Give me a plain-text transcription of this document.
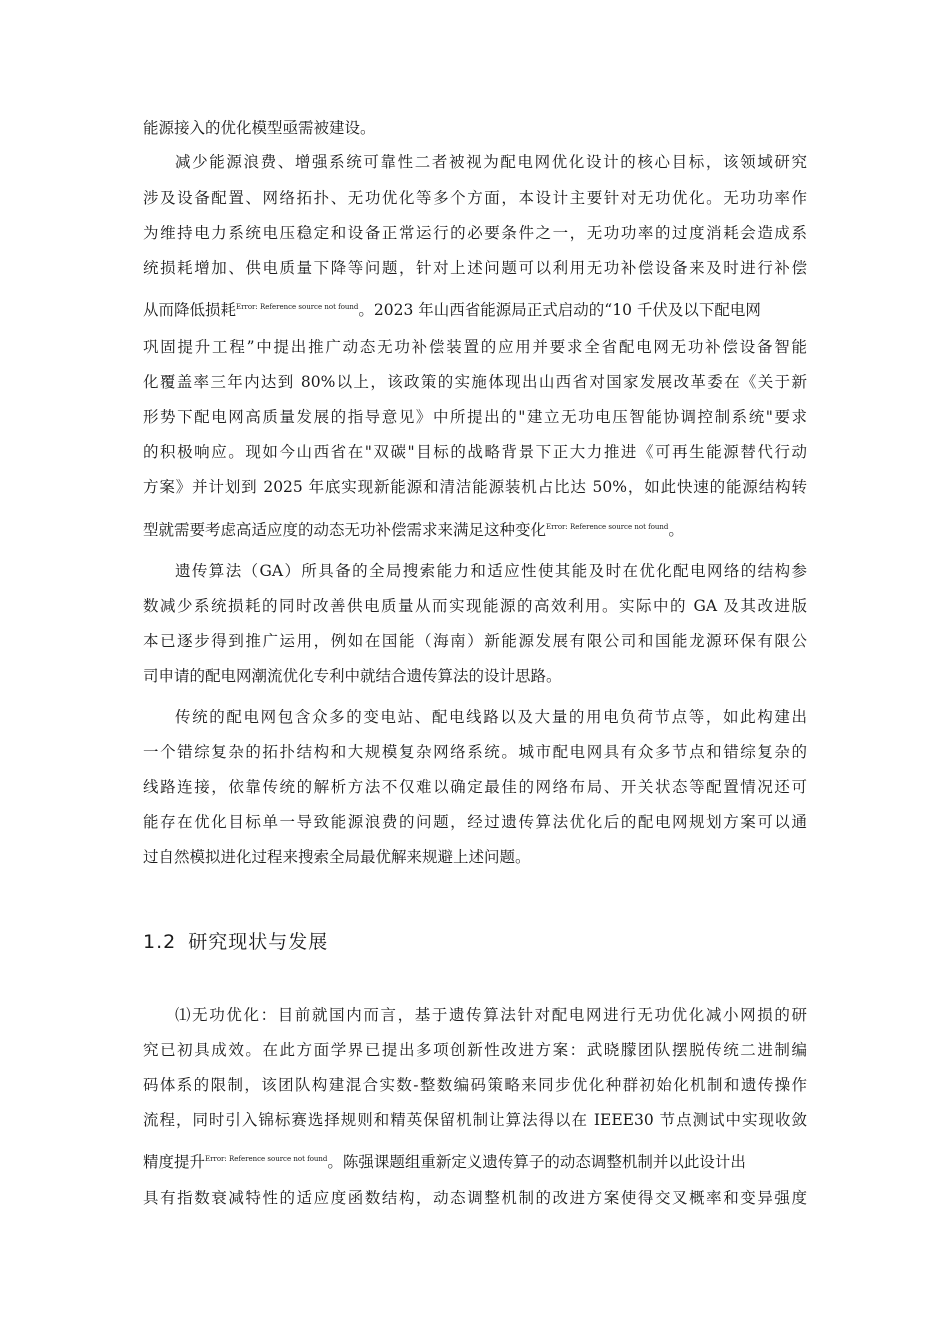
能源接入的优化模型亟需被建设。
减少能源浪费、增强系统可靠性二者被视为配电网优化设计的核心目标，该领域研究
涉及设备配置、网络拓扑、无功优化等多个方面，本设计主要针对无功优化。无功功率作
为维持电力系统电压稳定和设备正常运行的必要条件之一，无功功率的过度消耗会造成系
统损耗增加、供电质量下降等问题，针对上述问题可以利用无功补偿设备来及时进行补偿
从而降低损耗$^{Error: Reference source not found}$。2023 年山西省能源局正式启动的“10 千伏及以下配电网
巩固提升工程”中提出推广动态无功补偿装置的应用并要求全省配电网无功补偿设备智能
化覆盖率三年内达到 80%以上，该政策的实施体现出山西省对国家发展改革委在《关于新
形势下配电网高质量发展的指导意见》中所提出的"建立无功电压智能协调控制系统"要求
的积极响应。现如今山西省在"双碳"目标的战略背景下正大力推进《可再生能源替代行动
方案》并计划到 2025 年底实现新能源和清洁能源装机占比达 50%，如此快速的能源结构转
型就需要考虑高适应度的动态无功补偿需求来满足这种变化$^{Error: Reference source not found}$。
遗传算法（GA）所具备的全局搜索能力和适应性使其能及时在优化配电网络的结构参
数减少系统损耗的同时改善供电质量从而实现能源的高效利用。实际中的 GA 及其改进版
本已逐步得到推广运用，例如在国能（海南）新能源发展有限公司和国能龙源环保有限公
司申请的配电网潮流优化专利中就结合遗传算法的设计思路。
传统的配电网包含众多的变电站、配电线路以及大量的用电负荷节点等，如此构建出
一个错综复杂的拓扑结构和大规模复杂网络系统。城市配电网具有众多节点和错综复杂的
线路连接，依靠传统的解析方法不仅难以确定最佳的网络布局、开关状态等配置情况还可
能存在优化目标单一导致能源浪费的问题，经过遗传算法优化后的配电网规划方案可以通
过自然模拟进化过程来搜索全局最优解来规避上述问题。
1.2 研究现状与发展
⑴无功优化：目前就国内而言，基于遗传算法针对配电网进行无功优化减小网损的研
究已初具成效。在此方面学界已提出多项创新性改进方案：武晓朦团队摆脱传统二进制编
码体系的限制，该团队构建混合实数-整数编码策略来同步优化种群初始化机制和遗传操作
流程，同时引入锦标赛选择规则和精英保留机制让算法得以在 IEEE30 节点测试中实现收敛
精度提升$^{Error: Reference source not found}$。陈强课题组重新定义遗传算子的动态调整机制并以此设计出
具有指数衰减特性的适应度函数结构，动态调整机制的改进方案使得交叉概率和变异强度
